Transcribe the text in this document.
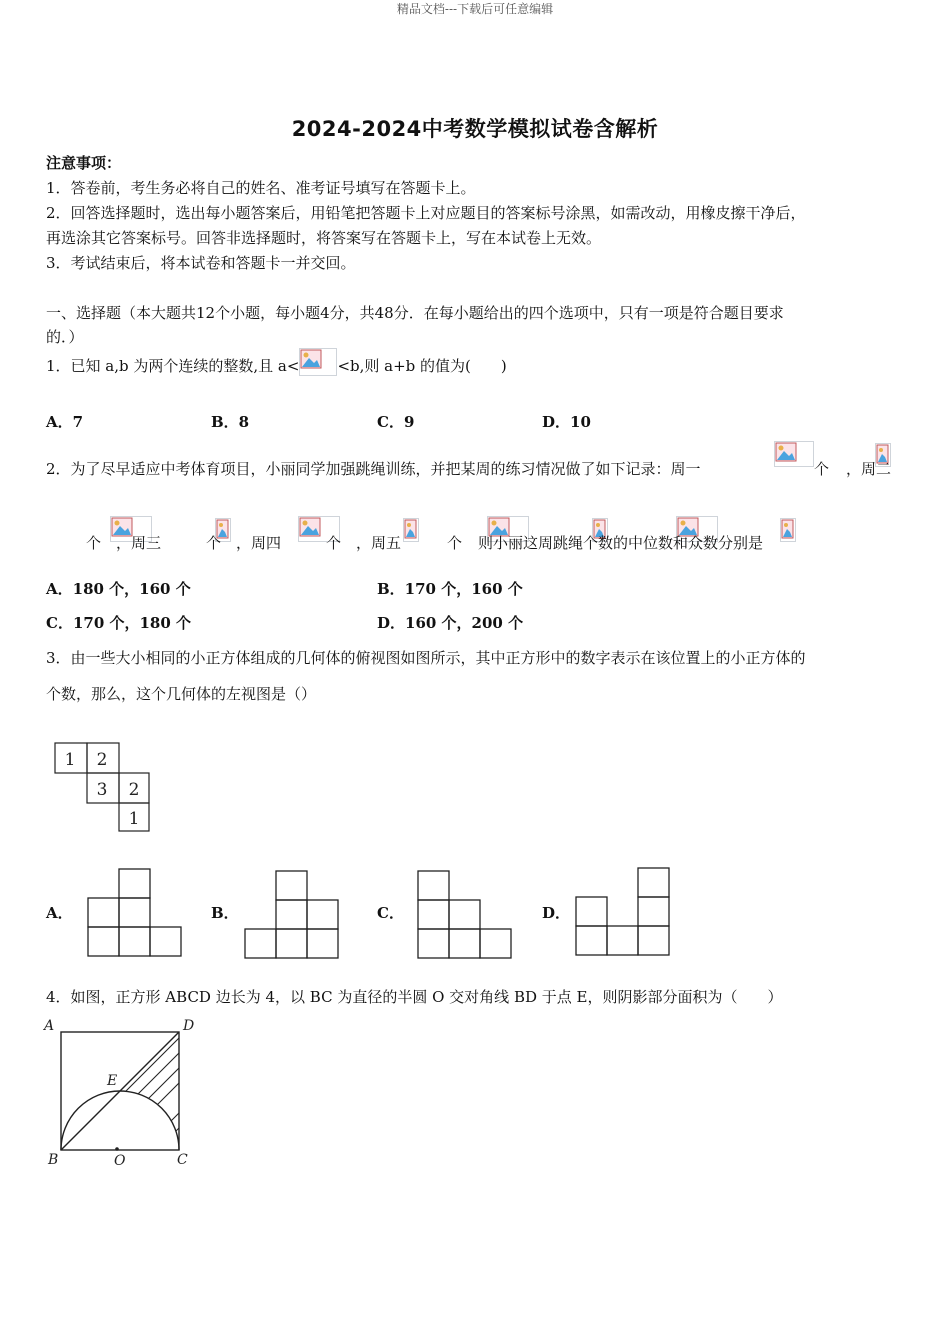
精品文档---下载后可任意编辑
2024-2024中考数学模拟试卷含解析
注意事项：
1．答卷前，考生务必将自己的姓名、准考证号填写在答题卡上。
2．回答选择题时，选出每小题答案后，用铅笔把答题卡上对应题目的答案标号涂黑，如需改动，用橡皮擦干净后，
再选涂其它答案标号。回答非选择题时，将答案写在答题卡上，写在本试卷上无效。
3．考试结束后，将本试卷和答题卡一并交回。
一、选择题（本大题共12个小题，每小题4分，共48分．在每小题给出的四个选项中，只有一项是符合题目要求
的．）
1．已知 a,b 为两个连续的整数,且 a<	<b,则 a+b 的值为(　　)
A．7	B．8	C．9	D．10
2．为了尽早适应中考体育项目，小丽同学加强跳绳训练，并把某周的练习情况做了如下记录：周一
	个
，周二

个
，周三
	个
，周四
	个
，周五
	个
则小丽这周跳绳个数的中位数和众数分别是

A．180 个，160 个	B．170 个，160 个
C．170 个，180 个	D．160 个，200 个
3．由一些大小相同的小正方体组成的几何体的俯视图如图所示，其中正方形中的数字表示在该位置上的小正方体的
个数，那么，这个几何体的左视图是（）
1 2
3 2
1
A．	B．	C．	D．
4．如图，正方形 ABCD 边长为 4，以 BC 为直径的半圆 O 交对角线 BD 于点 E，则阴影部分面积为（　　）
A	D
E
B	O	C
